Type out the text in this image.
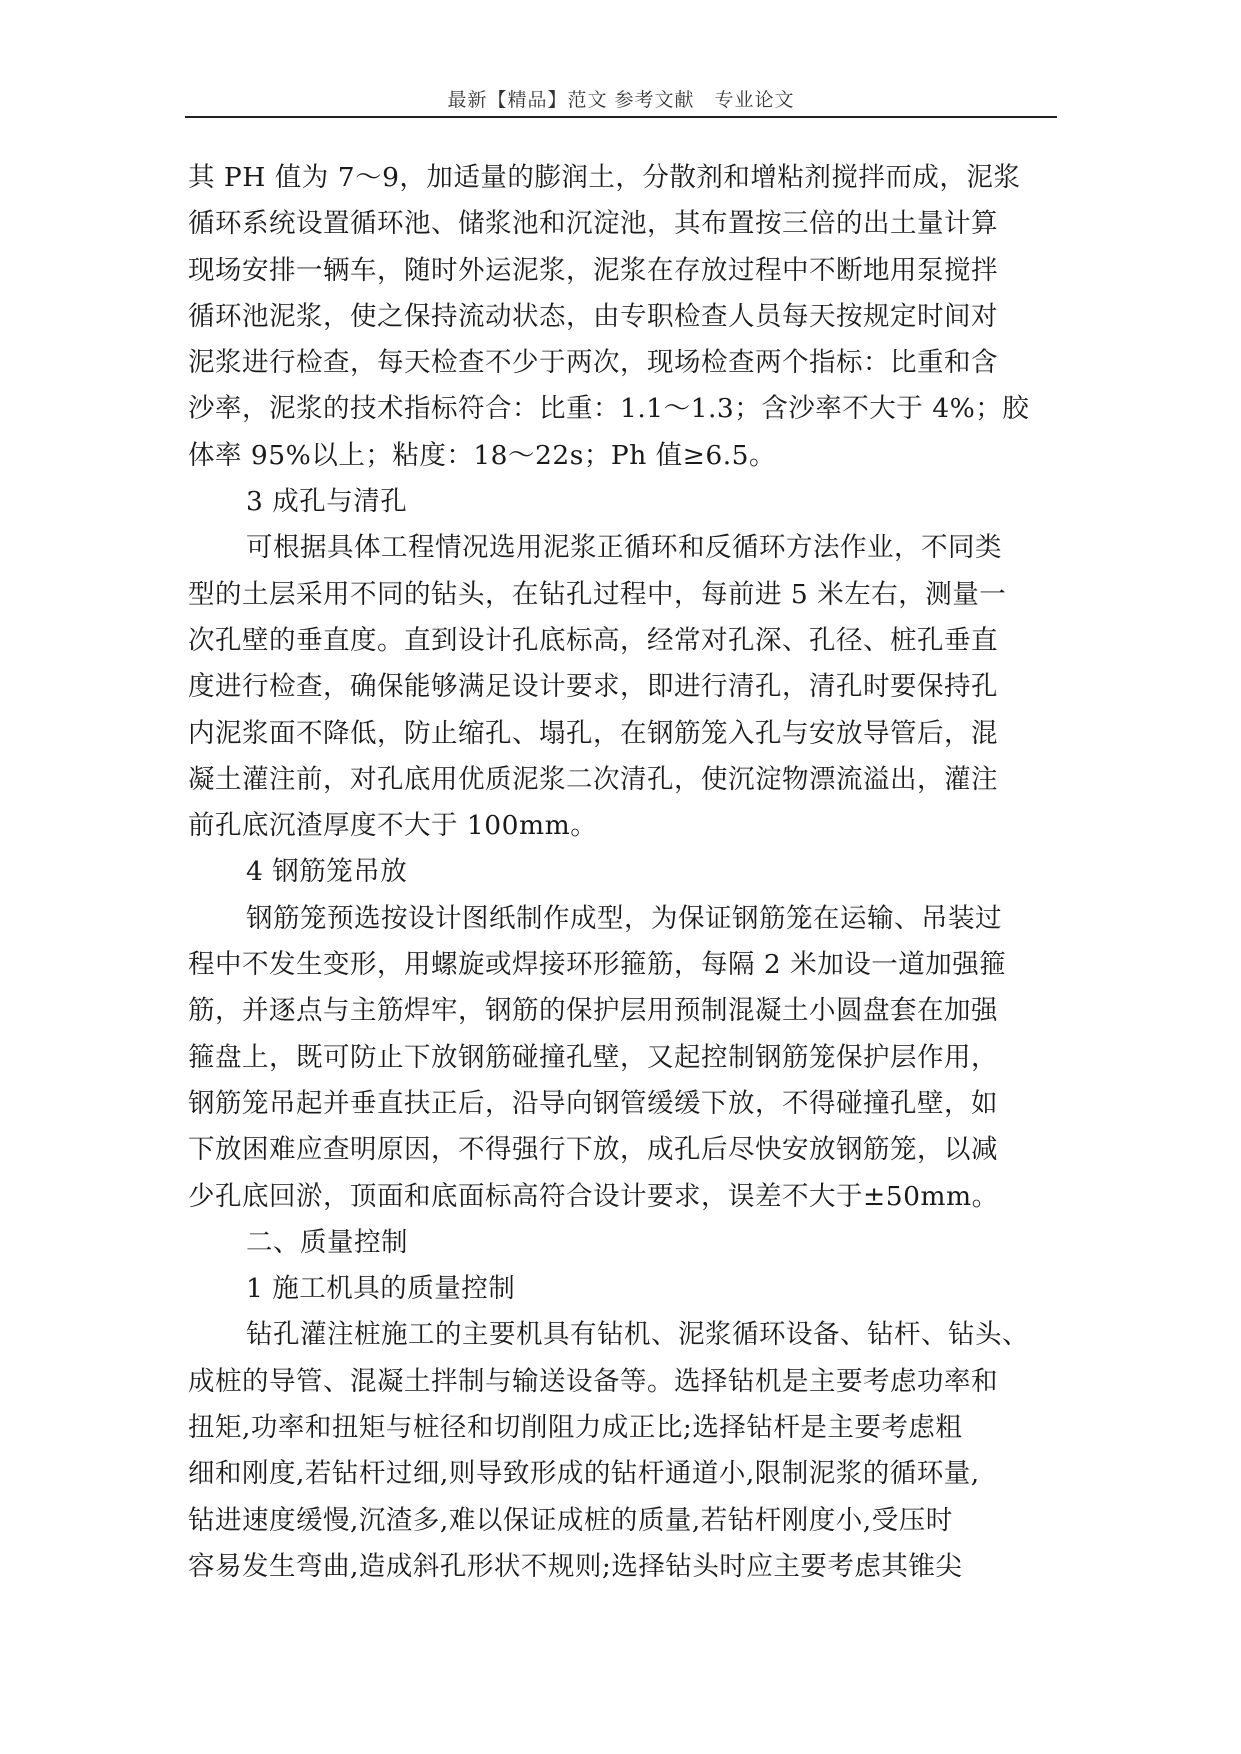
最新【精品】范文 参考文献　专业论文
其 PH 值为 7～9，加适量的膨润土，分散剂和增粘剂搅拌而成，泥浆
循环系统设置循环池、储浆池和沉淀池，其布置按三倍的出土量计算
现场安排一辆车，随时外运泥浆，泥浆在存放过程中不断地用泵搅拌
循环池泥浆，使之保持流动状态，由专职检查人员每天按规定时间对
泥浆进行检查，每天检查不少于两次，现场检查两个指标：比重和含
沙率，泥浆的技术指标符合：比重：1.1～1.3；含沙率不大于 4%；胶
体率 95%以上；粘度：18～22s；Ph 值≥6.5。
3 成孔与清孔
可根据具体工程情况选用泥浆正循环和反循环方法作业，不同类
型的土层采用不同的钻头，在钻孔过程中，每前进 5 米左右，测量一
次孔壁的垂直度。直到设计孔底标高，经常对孔深、孔径、桩孔垂直
度进行检查，确保能够满足设计要求，即进行清孔，清孔时要保持孔
内泥浆面不降低，防止缩孔、塌孔，在钢筋笼入孔与安放导管后，混
凝土灌注前，对孔底用优质泥浆二次清孔，使沉淀物漂流溢出，灌注
前孔底沉渣厚度不大于 100mm。
4 钢筋笼吊放
钢筋笼预选按设计图纸制作成型，为保证钢筋笼在运输、吊装过
程中不发生变形，用螺旋或焊接环形箍筋，每隔 2 米加设一道加强箍
筋，并逐点与主筋焊牢，钢筋的保护层用预制混凝土小圆盘套在加强
箍盘上，既可防止下放钢筋碰撞孔壁，又起控制钢筋笼保护层作用，
钢筋笼吊起并垂直扶正后，沿导向钢管缓缓下放，不得碰撞孔壁，如
下放困难应查明原因，不得强行下放，成孔后尽快安放钢筋笼，以减
少孔底回淤，顶面和底面标高符合设计要求，误差不大于±50mm。
二、质量控制
1 施工机具的质量控制
钻孔灌注桩施工的主要机具有钻机、泥浆循环设备、钻杆、钻头、
成桩的导管、混凝土拌制与输送设备等。选择钻机是主要考虑功率和
扭矩,功率和扭矩与桩径和切削阻力成正比;选择钻杆是主要考虑粗
细和刚度,若钻杆过细,则导致形成的钻杆通道小,限制泥浆的循环量,
钻进速度缓慢,沉渣多,难以保证成桩的质量,若钻杆刚度小,受压时
容易发生弯曲,造成斜孔形状不规则;选择钻头时应主要考虑其锥尖
